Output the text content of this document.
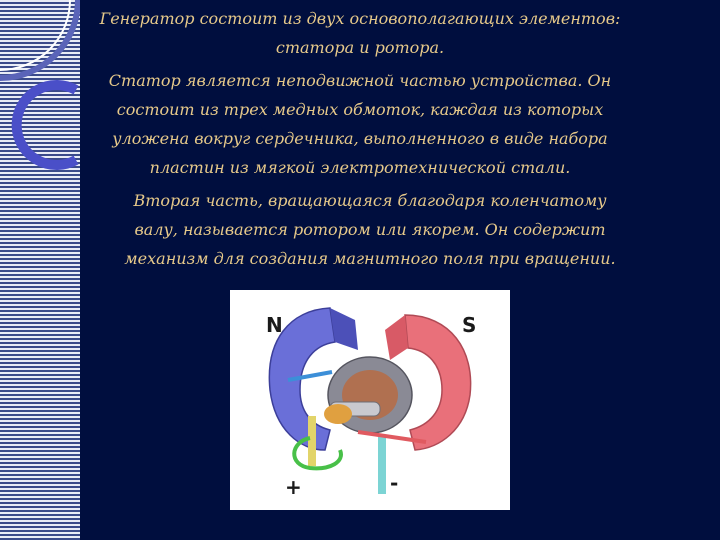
Генератор состоит из двух основополагающих элементов: статора и ротора.

Статор является неподвижной частью устройства. Он состоит из трех медных обмоток, каждая из которых уложена вокруг сердечника, выполненного в виде набора пластин из мягкой электротехнической стали.

Вторая часть, вращающаяся благодаря коленчатому валу, называется ротором или якорем. Он содержит механизм для создания магнитного поля при вращении.

N	S
+	-
